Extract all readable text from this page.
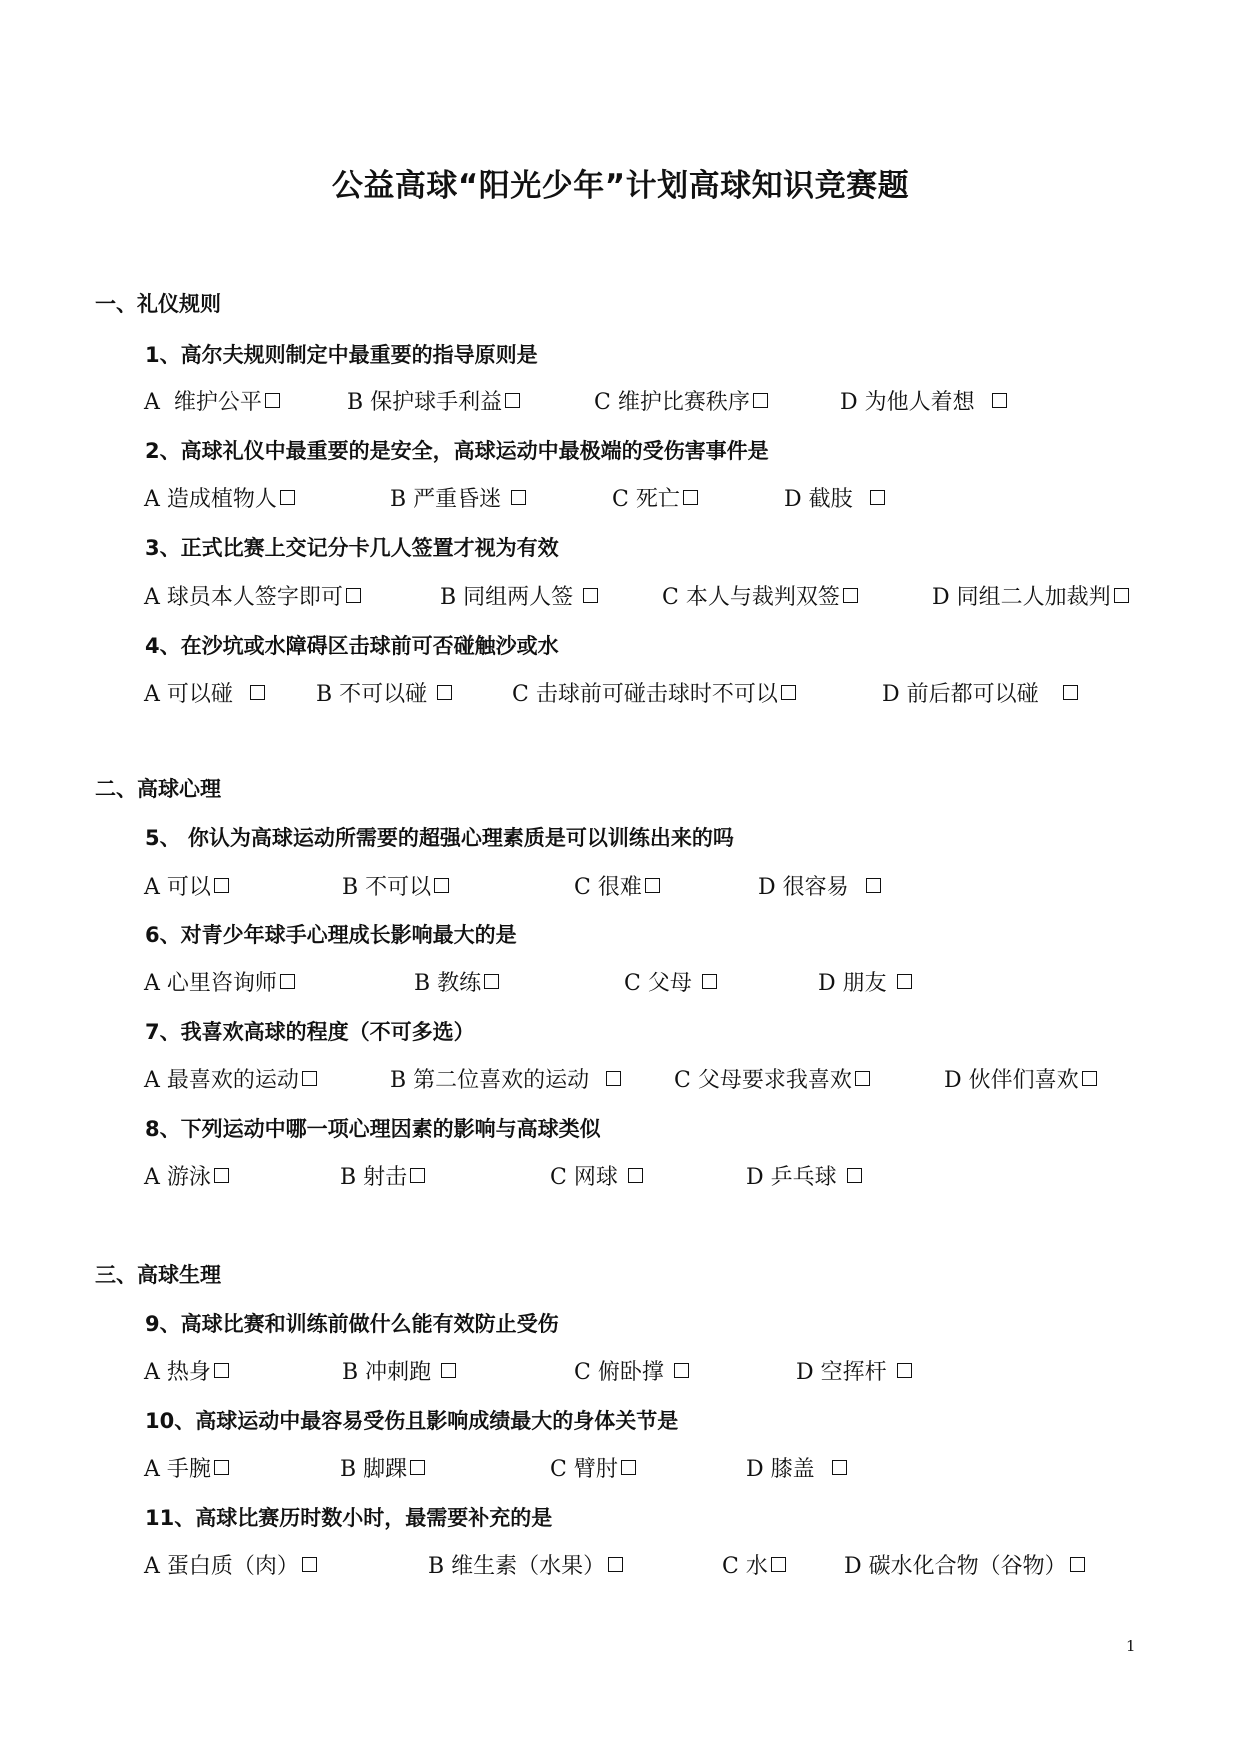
公益高球“阳光少年”计划高球知识竞赛题
一、礼仪规则
1、高尔夫规则制定中最重要的指导原则是
A  维护公平	B 保护球手利益	C 维护比赛秩序	D 为他人着想
2、高球礼仪中最重要的是安全，高球运动中最极端的受伤害事件是
A 造成植物人	B 严重昏迷	C 死亡	D 截肢
3、正式比赛上交记分卡几人签置才视为有效
A 球员本人签字即可	B 同组两人签	C 本人与裁判双签	D 同组二人加裁判
4、在沙坑或水障碍区击球前可否碰触沙或水
A 可以碰	B 不可以碰	C 击球前可碰击球时不可以	D 前后都可以碰
二、高球心理
5、 你认为高球运动所需要的超强心理素质是可以训练出来的吗
A 可以	B 不可以	C 很难	D 很容易
6、对青少年球手心理成长影响最大的是
A 心里咨询师	B 教练	C 父母	D 朋友
7、我喜欢高球的程度（不可多选）
A 最喜欢的运动	B 第二位喜欢的运动	C 父母要求我喜欢	D 伙伴们喜欢
8、下列运动中哪一项心理因素的影响与高球类似
A 游泳	B 射击	C 网球	D 乒乓球
三、高球生理
9、高球比赛和训练前做什么能有效防止受伤
A 热身	B 冲刺跑	C 俯卧撑	D 空挥杆
10、高球运动中最容易受伤且影响成绩最大的身体关节是
A 手腕	B 脚踝	C 臂肘	D 膝盖
11、高球比赛历时数小时，最需要补充的是
A 蛋白质（肉）	B 维生素（水果）	C 水	D 碳水化合物（谷物）
1
